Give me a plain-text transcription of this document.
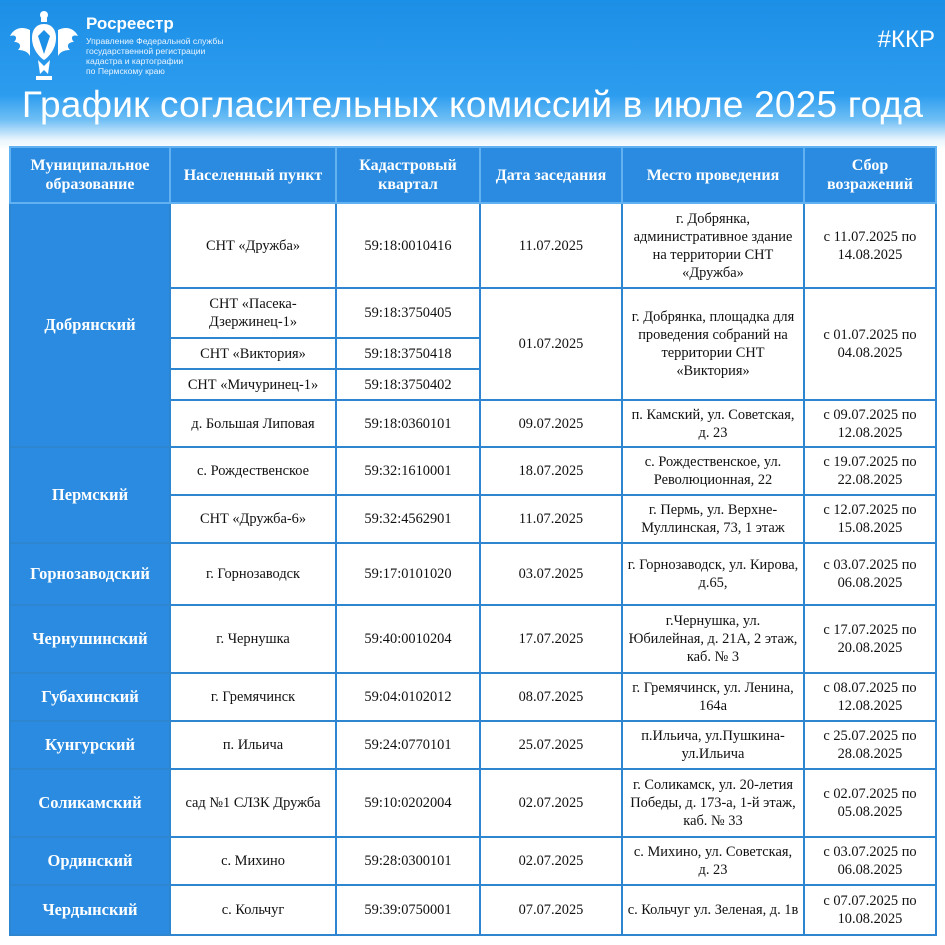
Росреестр
Управление Федеральной службы
государственной регистрации
кадастра и картографии
по Пермскому краю
#ККР
График согласительных комиссий в июле 2025 года
Муниципальное образование	Населенный пункт	Кадастровый квартал	Дата заседания	Место проведения	Сбор возражений
Добрянский	СНТ «Дружба»	59:18:0010416	11.07.2025	г. Добрянка, административное здание на территории СНТ «Дружба»	с 11.07.2025 по 14.08.2025
	СНТ «Пасека-Дзержинец-1»	59:18:3750405	01.07.2025	г. Добрянка, площадка для проведения собраний на территории СНТ «Виктория»	с 01.07.2025 по 04.08.2025
	СНТ «Виктория»	59:18:3750418			
	СНТ «Мичуринец-1»	59:18:3750402			
	д. Большая Липовая	59:18:0360101	09.07.2025	п. Камский, ул. Советская, д. 23	с 09.07.2025 по 12.08.2025
Пермский	с. Рождественское	59:32:1610001	18.07.2025	с. Рождественское, ул. Революционная, 22	с 19.07.2025 по 22.08.2025
	СНТ «Дружба-6»	59:32:4562901	11.07.2025	г. Пермь, ул. Верхне-Муллинская, 73, 1 этаж	с 12.07.2025 по 15.08.2025
Горнозаводский	г. Горнозаводск	59:17:0101020	03.07.2025	г. Горнозаводск, ул. Кирова, д.65,	с 03.07.2025 по 06.08.2025
Чернушинский	г. Чернушка	59:40:0010204	17.07.2025	г.Чернушка, ул. Юбилейная, д. 21А, 2 этаж, каб. № 3	с 17.07.2025 по 20.08.2025
Губахинский	г. Гремячинск	59:04:0102012	08.07.2025	г. Гремячинск, ул. Ленина, 164а	с 08.07.2025 по 12.08.2025
Кунгурский	п. Ильича	59:24:0770101	25.07.2025	п.Ильича, ул.Пушкина-ул.Ильича	с 25.07.2025 по 28.08.2025
Соликамский	сад №1 СЛЗК Дружба	59:10:0202004	02.07.2025	г. Соликамск, ул. 20-летия Победы, д. 173-а, 1-й этаж, каб. № 33	с 02.07.2025 по 05.08.2025
Ординский	с. Михино	59:28:0300101	02.07.2025	с. Михино, ул. Советская, д. 23	с 03.07.2025 по 06.08.2025
Чердынский	с. Кольчуг	59:39:0750001	07.07.2025	с. Кольчуг ул. Зеленая, д. 1в	с 07.07.2025 по 10.08.2025
